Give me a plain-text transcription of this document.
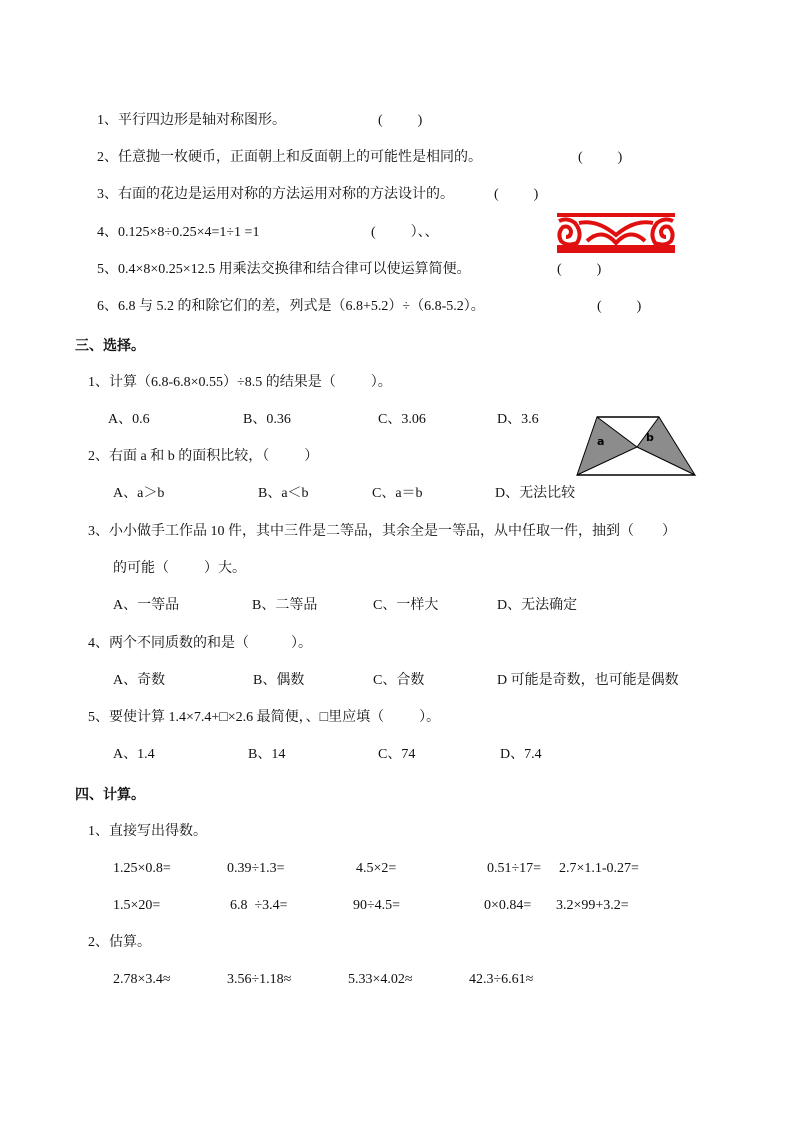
1、平行四边形是轴对称图形。	(          )
2、任意抛一枚硬币，正面朝上和反面朝上的可能性是相同的。	(          )
3、右面的花边是运用对称的方法运用对称的方法设计的。	(          )
4、0.125×8÷0.25×4=1÷1 =1	(          ）、、
5、0.4×8×0.25×12.5 用乘法交换律和结合律可以使运算简便。	(          )
6、6.8 与 5.2 的和除它们的差，列式是（6.8+5.2）÷（6.8-5.2）。	(          )
三、选择。
1、计算（6.8-6.8×0.55）÷8.5 的结果是（          ）。
A、0.6	B、0.36	C、3.06	D、3.6
a	b
2、右面 a 和 b 的面积比较，（          ）
A、a＞b	B、a＜b	C、a＝b	D、无法比较
3、小小做手工作品 10 件，其中三件是二等品，其余全是一等品，从中任取一件，抽到（        ）
的可能（          ）大。
A、一等品	B、二等品	C、一样大	D、无法确定
4、两个不同质数的和是（            ）。
A、奇数	B、偶数	C、合数	D 可能是奇数，也可能是偶数
5、要使计算 1.4×7.4+□×2.6 最简便，、□里应填（          ）。
A、1.4	B、14	C、74	D、7.4
四、计算。
1、直接写出得数。
1.25×0.8=	0.39÷1.3=	4.5×2=	0.51÷17= 2.7×1.1-0.27=
1.5×20=	6.8  ÷3.4=	90÷4.5=	0×0.84= 3.2×99+3.2=
2、估算。
2.78×3.4≈	3.56÷1.18≈	5.33×4.02≈	42.3÷6.61≈
